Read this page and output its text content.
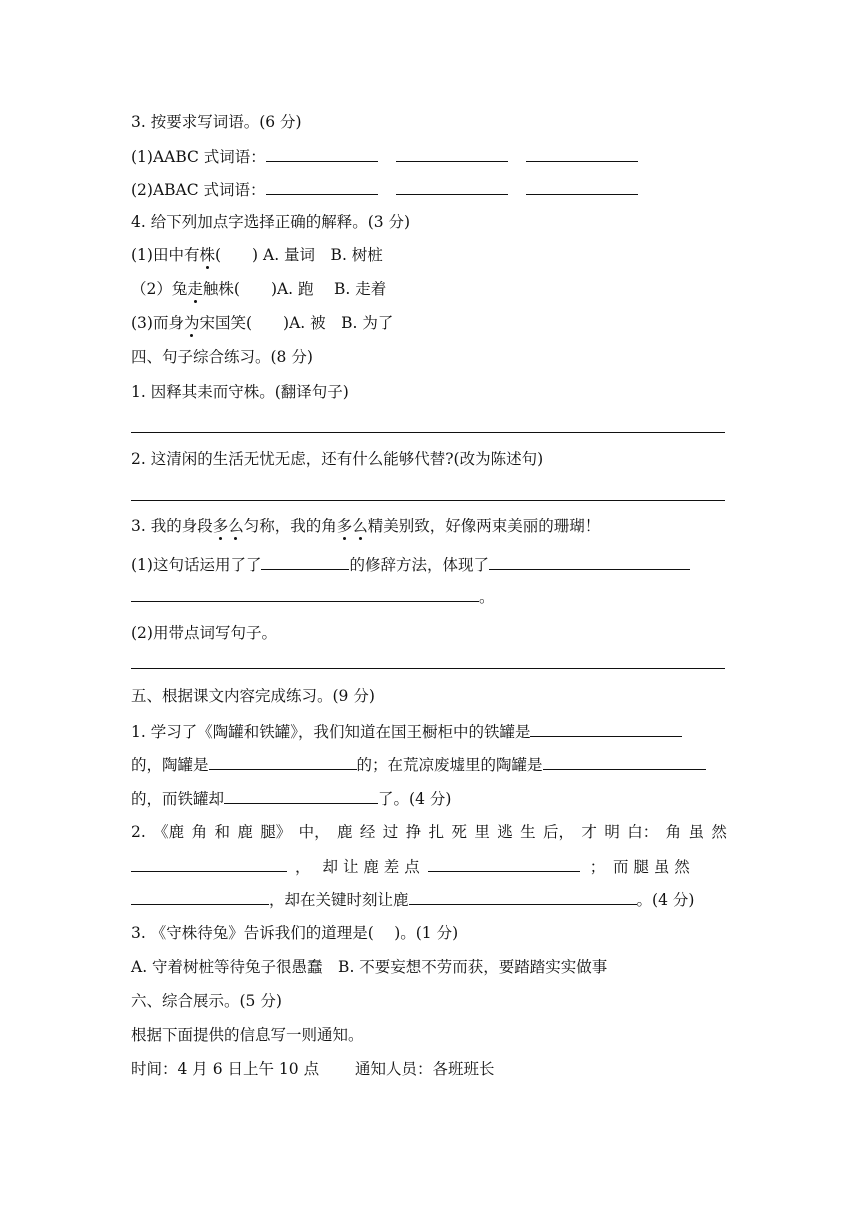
3. 按要求写词语。(6 分)
(1)AABC 式词语：
(2)ABAC 式词语：
4. 给下列加点字选择正确的解释。(3 分)
(1)田中有株(　　) A. 量词　B. 树桩
（2）兔走触株(　　)A. 跑　 B. 走着
(3)而身为宋国笑(　　)A. 被　B. 为了
四、句子综合练习。(8 分)
1. 因释其耒而守株。(翻译句子)
2. 这清闲的生活无忧无虑，还有什么能够代替?(改为陈述句)
3. 我的身段多么匀称，我的角多么精美别致，好像两束美丽的珊瑚！
(1)这句话运用了了	的修辞方法，体现了
。
(2)用带点词写句子。
五、根据课文内容完成练习。(9 分)
1. 学习了《陶罐和铁罐》，我们知道在国王橱柜中的铁罐是
的，陶罐是	的；在荒凉废墟里的陶罐是
的，而铁罐却	了。(4 分)
2. 《鹿 角 和 鹿 腿》 中， 鹿 经 过 挣 扎 死 里 逃 生 后， 才 明 白： 角 虽 然
， 却 让 鹿 差 点	；　而 腿 虽 然
，却在关键时刻让鹿	。(4 分)
3. 《守株待兔》告诉我们的道理是(　 )。(1 分)
A. 守着树桩等待兔子很愚蠢　B. 不要妄想不劳而获，要踏踏实实做事
六、综合展示。(5 分)
根据下面提供的信息写一则通知。
时间：4 月 6 日上午 10 点　　 通知人员：各班班长
